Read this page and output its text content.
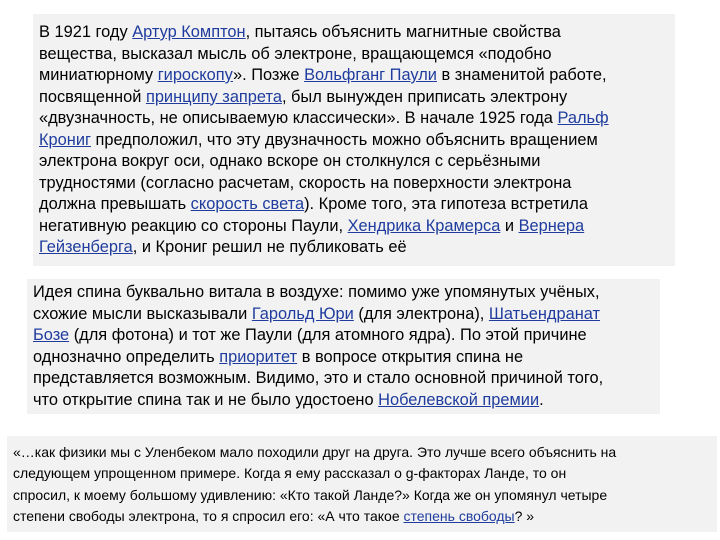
В 1921 году Артур Комптон, пытаясь объяснить магнитные свойства
вещества, высказал мысль об электроне, вращающемся «подобно
миниатюрному гироскопу». Позже Вольфганг Паули в знаменитой работе,
посвященной принципу запрета, был вынужден приписать электрону
«двузначность, не описываемую классически». В начале 1925 года Ральф
Крониг предположил, что эту двузначность можно объяснить вращением
электрона вокруг оси, однако вскоре он столкнулся с серьёзными
трудностями (согласно расчетам, скорость на поверхности электрона
должна превышать скорость света). Кроме того, эта гипотеза встретила
негативную реакцию со стороны Паули, Хендрика Крамерса и Вернера
Гейзенберга, и Крониг решил не публиковать её
Идея спина буквально витала в воздухе: помимо уже упомянутых учёных,
схожие мысли высказывали Гарольд Юри (для электрона), Шатьендранат
Бозе (для фотона) и тот же Паули (для атомного ядра). По этой причине
однозначно определить приоритет в вопросе открытия спина не
представляется возможным. Видимо, это и стало основной причиной того,
что открытие спина так и не было удостоено Нобелевской премии.
«…как физики мы с Уленбеком мало походили друг на друга. Это лучше всего объяснить на
следующем упрощенном примере. Когда я ему рассказал о g-факторах Ланде, то он
спросил, к моему большому удивлению: «Кто такой Ланде?» Когда же он упомянул четыре
степени свободы электрона, то я спросил его: «А что такое степень свободы? »
